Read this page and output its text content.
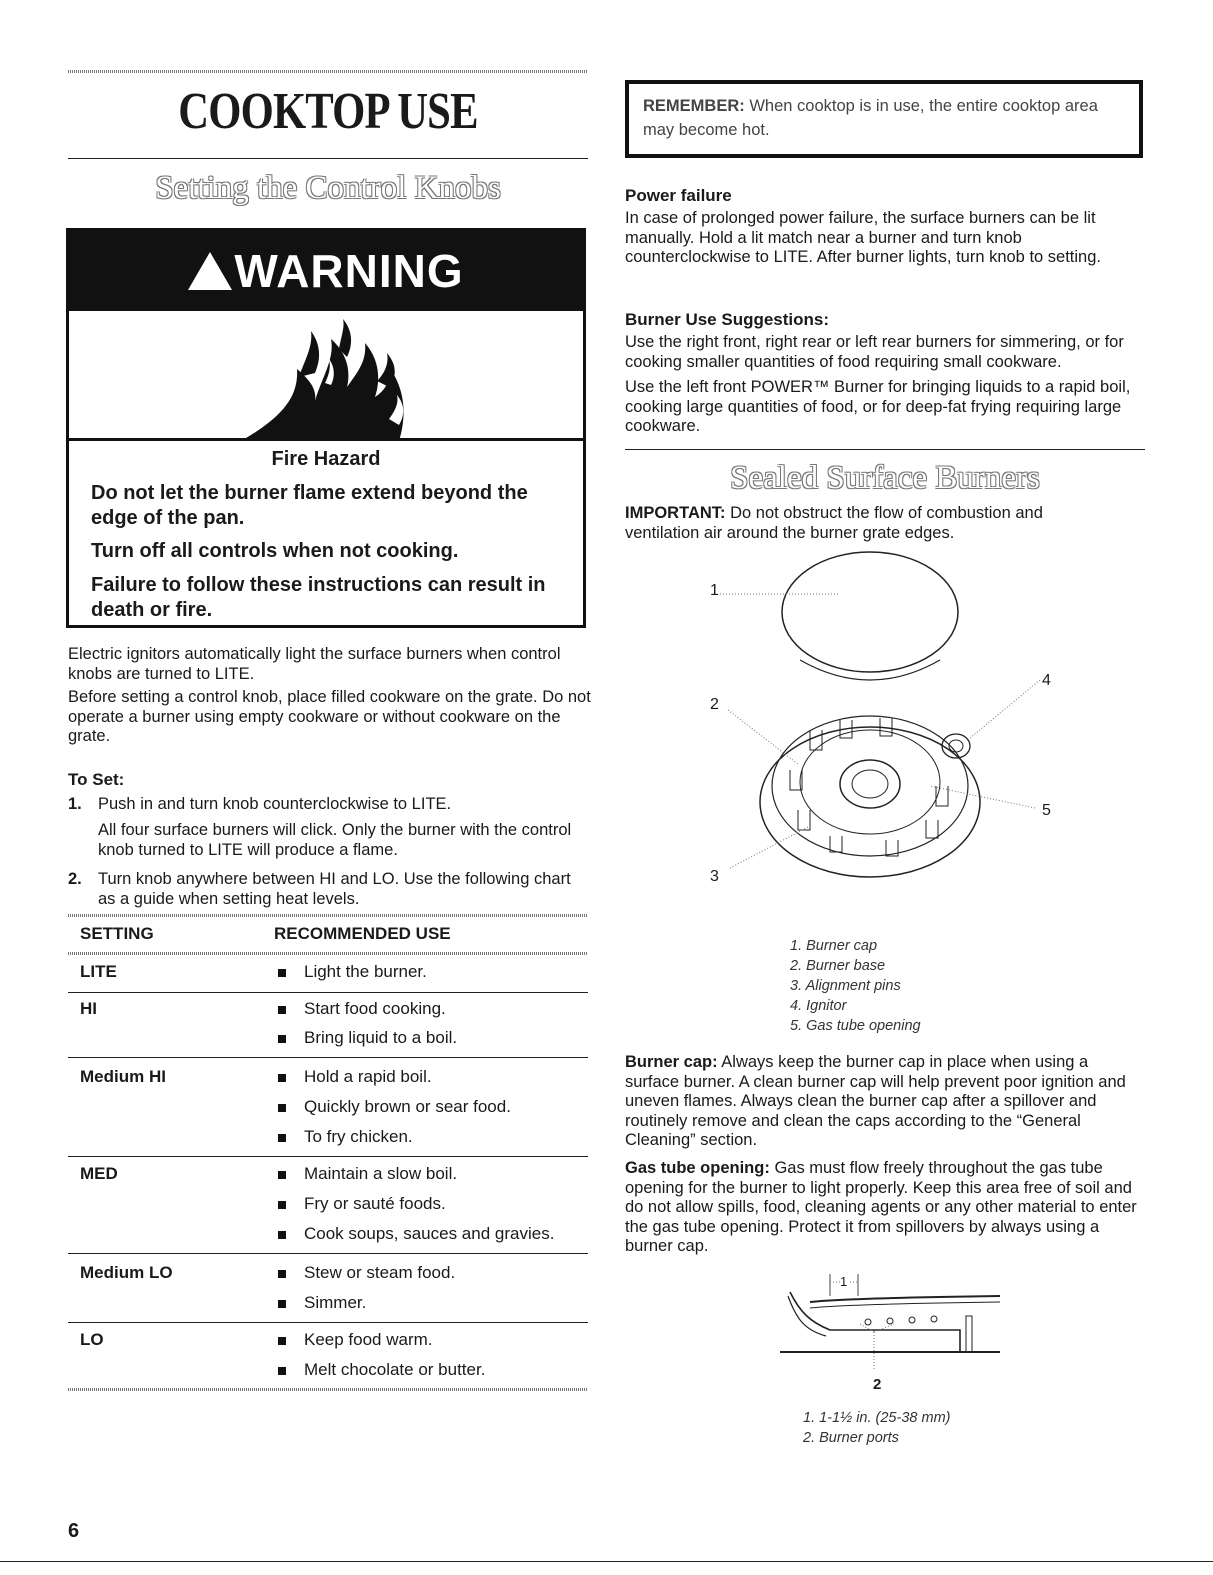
COOKTOP USE
Setting the Control Knobs
WARNING
Fire Hazard
Do not let the burner flame extend beyond the edge of the pan.
Turn off all controls when not cooking.
Failure to follow these instructions can result in death or fire.

Electric ignitors automatically light the surface burners when control knobs are turned to LITE.

Before setting a control knob, place filled cookware on the grate. Do not operate a burner using empty cookware or without cookware on the grate.

To Set:
1. Push in and turn knob counterclockwise to LITE.

All four surface burners will click. Only the burner with the control knob turned to LITE will produce a flame.

2. Turn knob anywhere between HI and LO. Use the following chart as a guide when setting heat levels.

SETTING	RECOMMENDED USE
LITE	Light the burner.
HI	Start food cooking.
Bring liquid to a boil.
Medium HI	Hold a rapid boil.
Quickly brown or sear food.
To fry chicken.
MED	Maintain a slow boil.
Fry or sauté foods.
Cook soups, sauces and gravies.
Medium LO	Stew or steam food.
Simmer.
LO	Keep food warm.
Melt chocolate or butter.
6

REMEMBER: When cooktop is in use, the entire cooktop area may become hot.

Power failure

In case of prolonged power failure, the surface burners can be lit manually. Hold a lit match near a burner and turn knob counterclockwise to LITE. After burner lights, turn knob to setting.

Burner Use Suggestions:

Use the right front, right rear or left rear burners for simmering, or for cooking smaller quantities of food requiring small cookware.

Use the left front POWER™ Burner for bringing liquids to a rapid boil, cooking large quantities of food, or for deep-fat frying requiring large cookware.

Sealed Surface Burners

IMPORTANT: Do not obstruct the flow of combustion and ventilation air around the burner grate edges.

1
2
4
5
3
1. Burner cap
2. Burner base
3. Alignment pins
4. Ignitor
5. Gas tube opening

Burner cap: Always keep the burner cap in place when using a surface burner. A clean burner cap will help prevent poor ignition and uneven flames. Always clean the burner cap after a spillover and routinely remove and clean the caps according to the “General Cleaning” section.

Gas tube opening: Gas must flow freely throughout the gas tube opening for the burner to light properly. Keep this area free of soil and do not allow spills, food, cleaning agents or any other material to enter the gas tube opening. Protect it from spillovers by always using a burner cap.

1
2
1. 1-1½ in. (25-38 mm)
2. Burner ports
